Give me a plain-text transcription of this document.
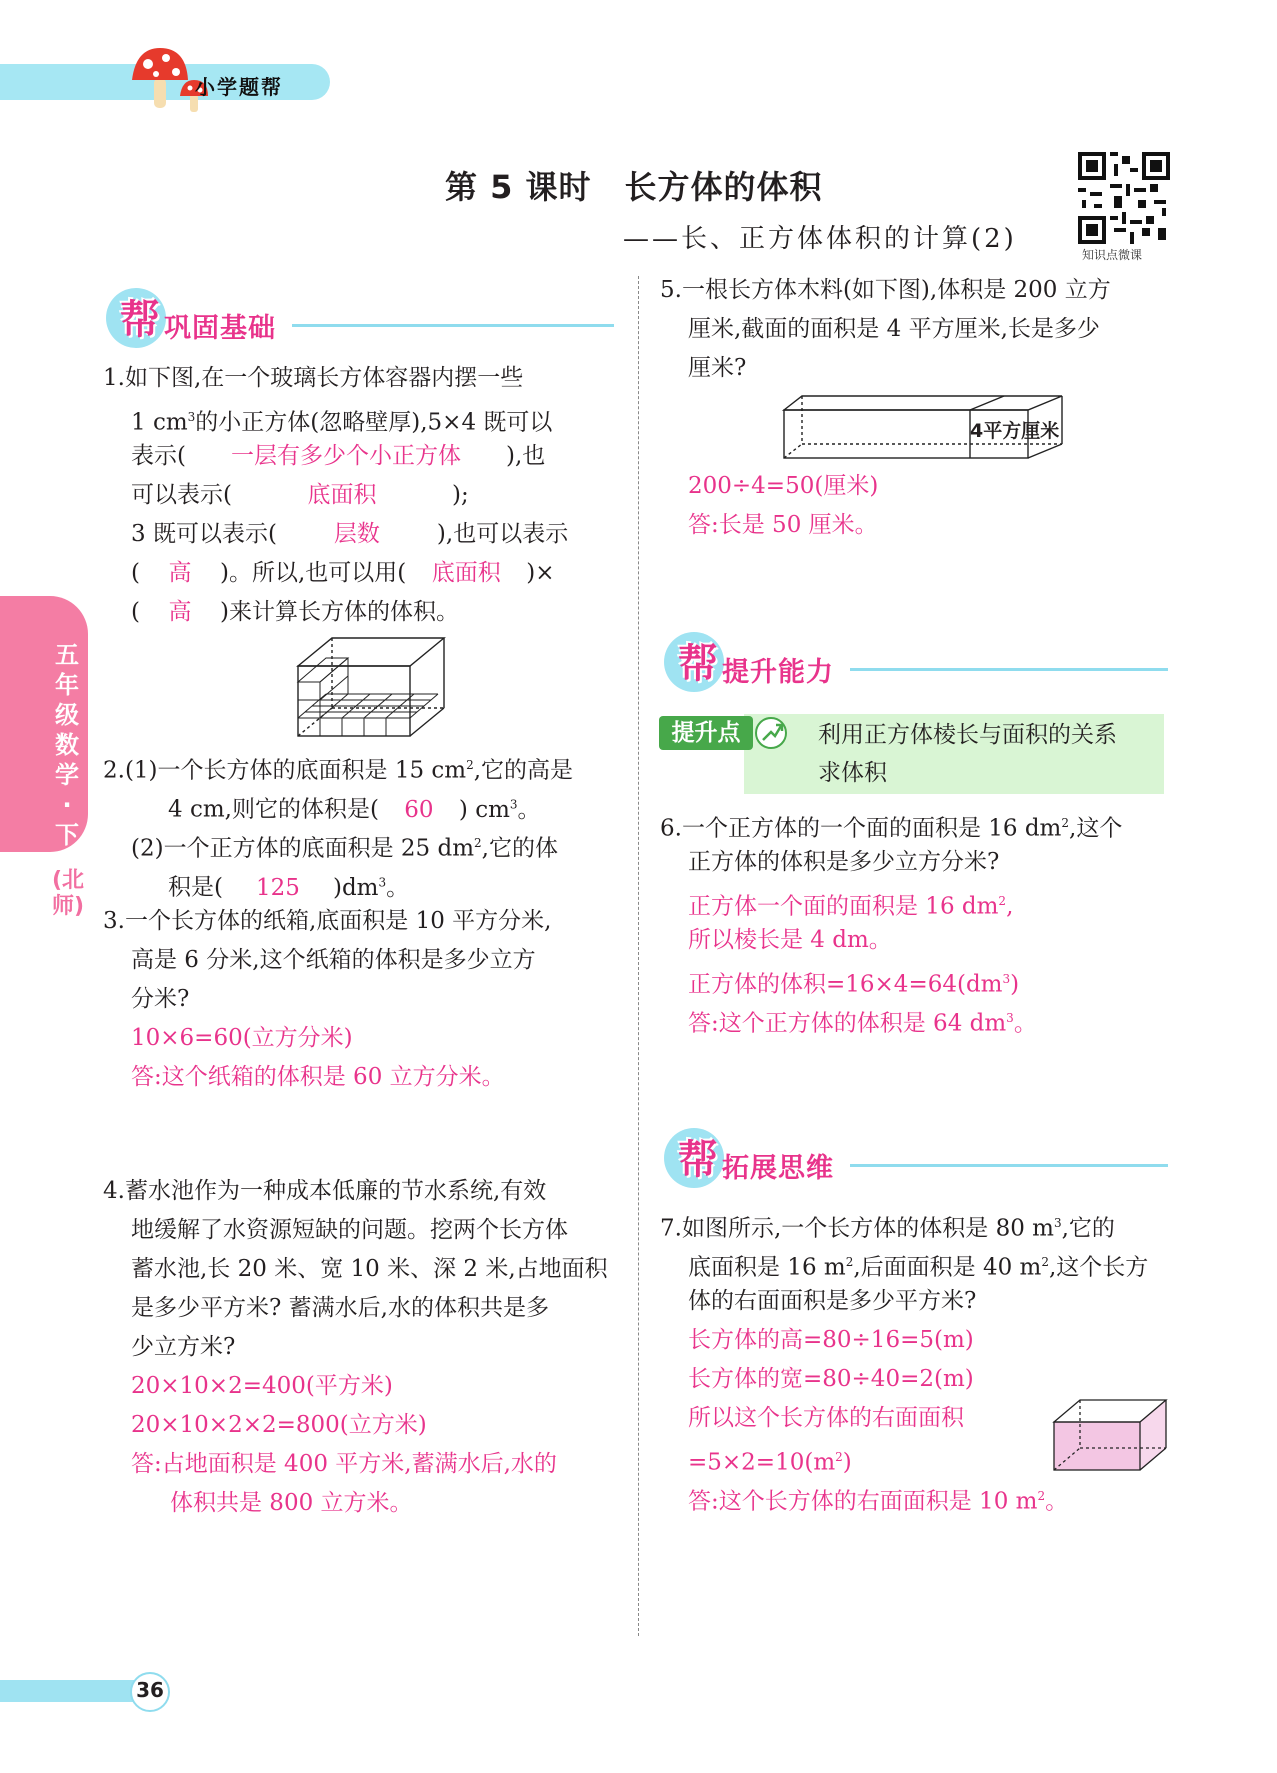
小学题帮
第 5 课时　长方体的体积
——长、正方体体积的计算(2)
知识点微课
五年级数学·下
(北师)
帮 巩固基础
1.如下图,在一个玻璃长方体容器内摆一些
1 $cm^3$的小正方体(忽略壁厚),5×4 既可以
表示( 一层有多少个小正方体 ),也
可以表示(	底面积	);
3 既可以表示( 层数 ),也可以表示
( 高 )。所以,也可以用( 底面积 )×
( 高 )来计算长方体的体积。
2.(1)一个长方体的底面积是 15 $cm^2$,它的高是
4 cm,则它的体积是( 60 ) $cm^3$。
(2)一个正方体的底面积是 25 $dm^2$,它的体
积是( 125 )$dm^3$。
3.一个长方体的纸箱,底面积是 10 平方分米,
高是 6 分米,这个纸箱的体积是多少立方
分米?
10×6=60(立方分米)
答:这个纸箱的体积是 60 立方分米。
4.蓄水池作为一种成本低廉的节水系统,有效
地缓解了水资源短缺的问题。挖两个长方体
蓄水池,长 20 米、宽 10 米、深 2 米,占地面积
是多少平方米? 蓄满水后,水的体积共是多
少立方米?
20×10×2=400(平方米)
20×10×2×2=800(立方米)
答:占地面积是 400 平方米,蓄满水后,水的
体积共是 800 立方米。
5.一根长方体木料(如下图),体积是 200 立方
厘米,截面的面积是 4 平方厘米,长是多少
厘米?
4平方厘米
200÷4=50(厘米)
答:长是 50 厘米。
帮 提升能力
提升点	利用正方体棱长与面积的关系
求体积
6.一个正方体的一个面的面积是 16 $dm^2$,这个
正方体的体积是多少立方分米?
正方体一个面的面积是 16 $dm^2$,
所以棱长是 4 dm。
正方体的体积$=16\times 4=64(dm^3)$
答:这个正方体的体积是 64 $dm^3$。
帮 拓展思维
7.如图所示,一个长方体的体积是 80 $m^3$,它的
底面积是 16 $m^2$,后面面积是 40 $m^2$,这个长方
体的右面面积是多少平方米?
长方体的高=80÷16=5(m)
长方体的宽=80÷40=2(m)
所以这个长方体的右面面积
$=5\times 2=10(m^2)$
答:这个长方体的右面面积是 10 $m^2$。
36
